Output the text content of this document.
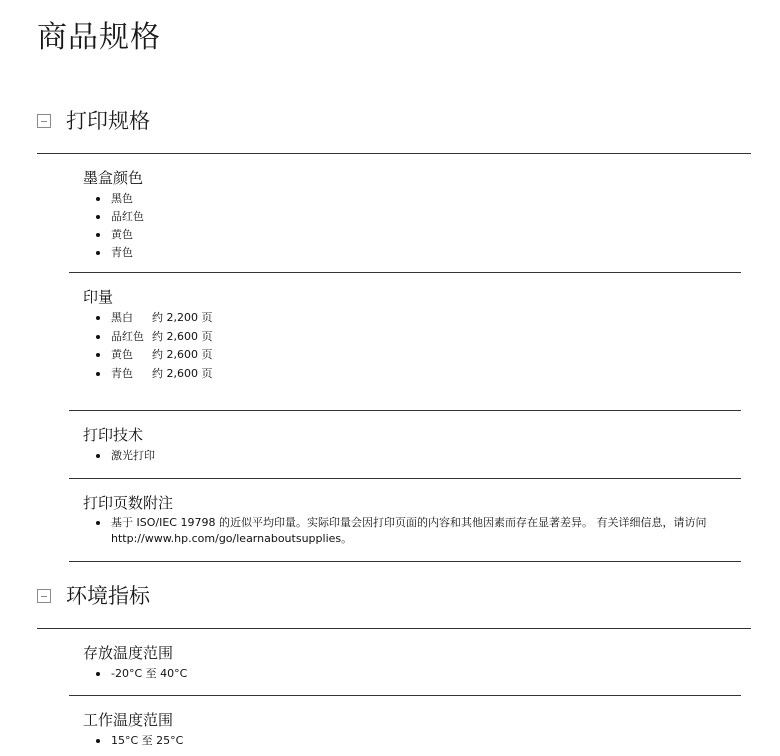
商品规格
打印规格
墨盒颜色
黑色
品红色
黄色
青色
印量
黑白 约 2,200 页
品红色 约 2,600 页
黄色 约 2,600 页
青色 约 2,600 页
打印技术
激光打印
打印页数附注
基于 ISO/IEC 19798 的近似平均印量。实际印量会因打印页面的内容和其他因素而存在显著差异。 有关详细信息，请访问 http://www.hp.com/go/learnaboutsupplies。
环境指标
存放温度范围
-20°C 至 40°C
工作温度范围
15°C 至 25°C
